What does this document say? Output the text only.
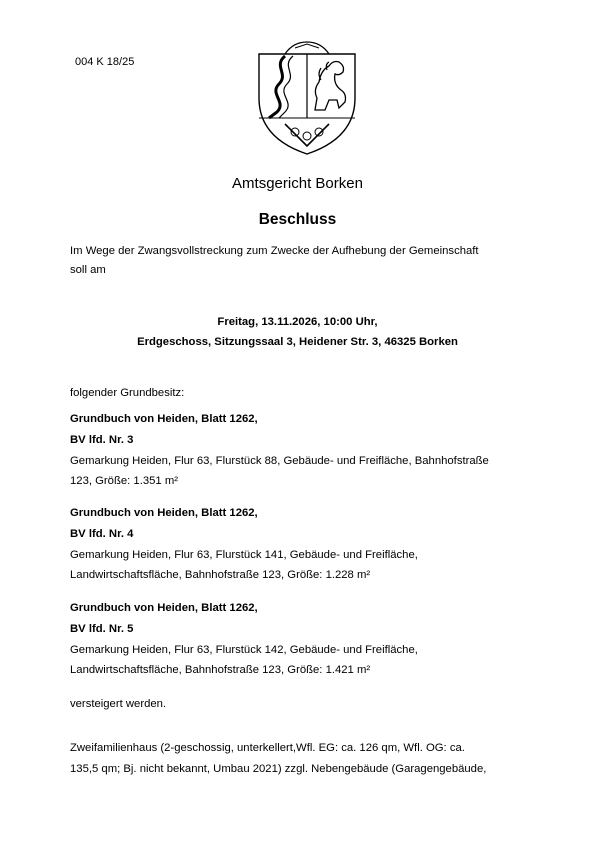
004 K 18/25
Amtsgericht Borken
Beschluss
Im Wege der Zwangsvollstreckung zum Zwecke der Aufhebung der Gemeinschaft
soll am
Freitag, 13.11.2026, 10:00 Uhr,
Erdgeschoss, Sitzungssaal 3, Heidener Str. 3, 46325 Borken
folgender Grundbesitz:
Grundbuch von Heiden, Blatt 1262,
BV lfd. Nr. 3
Gemarkung Heiden, Flur 63, Flurstück 88, Gebäude- und Freifläche, Bahnhofstraße
123, Größe: 1.351 m²
Grundbuch von Heiden, Blatt 1262,
BV lfd. Nr. 4
Gemarkung Heiden, Flur 63, Flurstück 141, Gebäude- und Freifläche,
Landwirtschaftsfläche, Bahnhofstraße 123, Größe: 1.228 m²
Grundbuch von Heiden, Blatt 1262,
BV lfd. Nr. 5
Gemarkung Heiden, Flur 63, Flurstück 142, Gebäude- und Freifläche,
Landwirtschaftsfläche, Bahnhofstraße 123, Größe: 1.421 m²
versteigert werden.
Zweifamilienhaus (2-geschossig, unterkellert,Wfl. EG: ca. 126 qm, Wfl. OG: ca.
135,5 qm; Bj. nicht bekannt, Umbau 2021) zzgl. Nebengebäude (Garagengebäude,
